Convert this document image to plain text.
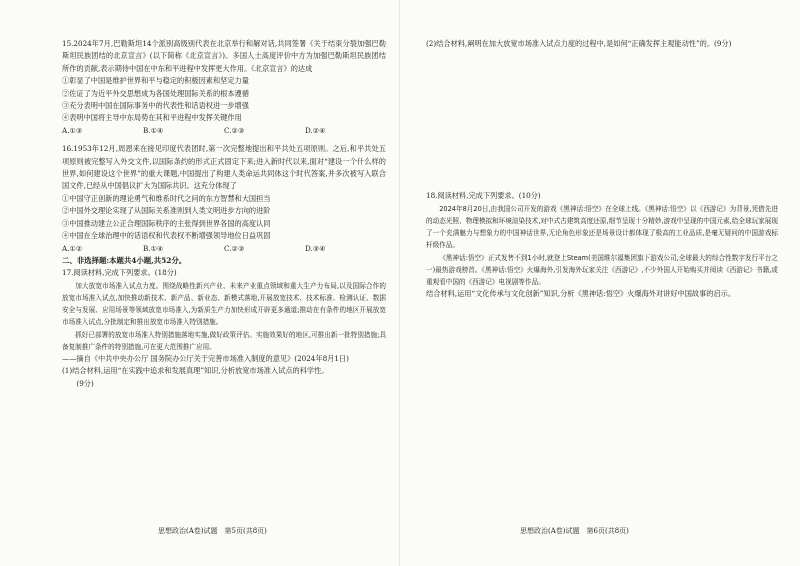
15.2024年7月,巴勒斯坦14个派别高级别代表在北京举行和解对话,共同签署《关于结束分裂加强巴勒斯坦民族团结的北京宣言》(以下简称《北京宣言》)。多国人士高度评价中方为加强巴勒斯坦民族团结所作的贡献,表示期待中国在中东和平进程中发挥更大作用。《北京宣言》的达成

①彰显了中国是维护世界和平与稳定的积极因素和坚定力量
②佐证了为近平外交思想成为各国处理国际关系的根本遵循
③充分表明中国在国际事务中的代表性和话语权进一步增强
④表明中国将主导中东局势在其和平进程中发挥关键作用
A.①③	B.①④	C.②③	D.②④

16.1953年12月,周恩来在接见印度代表团时,第一次完整地提出和平共处五项原则。之后,和平共处五项原则被完整写入外交文件,以国际条约的形式正式固定下来;进入新时代以来,面对“建设一个什么样的世界,如何建设这个世界”的重大课题,中国提出了构建人类命运共同体这个时代答案,并多次被写入联合国文件,已经从中国倡议扩大为国际共识。这充分体现了

①中国守正创新的理论勇气和维系时代之问的东方智慧和大国担当
②中国外交理论实现了从国际关系准则到人类文明进步方向的进阶
③中国推动建立公正合理国际秩序的主张得到世界各国的高度认同
④中国在全球治理中的话语权和代表权不断增强领导地位日益巩固
A.①②	B.①④	C.②③	D.③④
二、非选择题:本题共4小题,共52分。

17.阅读材料,完成下列要求。(18分)

加大放宽市场准入试点力度。围绕战略性新兴产业、未来产业重点领域和重大生产力布局,以及国际合作的放宽市场准入试点,加快推动新技术、新产品、新业态、新模式落地,开展放宽技术、技术标准、检测认证、数据安全与发展、应用场景等领域放宽市场准入,为新质生产力加快形成开辟更多通道;推动在有条件的地区开展放宽市场准入试点,分批制定和推出放宽市场准入特别措施。

抓好已部署的放宽市场准入特别措施落地实施,做好政策评估。实施效果好的地区,可推出新一批特别措施;具备复制推广条件的特别措施,可在更大范围推广应用。

——摘自《中共中央办公厅 国务院办公厅关于完善市场准入制度的意见》(2024年8月1日)

(1)结合材料,运用“在实践中追求和发展真理”知识,分析放宽市场准入试点的科学性。

(9分)

思想政治(A卷)试题　第5页(共8页)

(2)结合材料,阐明在加大放宽市场准入试点力度的过程中,是如何“正确发挥主观能动性”的。(9分)

18.阅读材料,完成下列要求。(10分)

2024年8月20日,由我国公司开发的游戏《黑神话:悟空》在全球上线。《黑神话:悟空》以《西游记》为背景,凭借先进的动态光照、物理模拟和环境渲染技术,对中式古建筑高度还原,细节呈现十分精妙,游戏中呈现的中国元素,给全球玩家展现了一个充满魅力与想象力的中国神话世界,无论角色形象还是场景设计都体现了极高的工业品质,是毫无疑问的中国游戏标杆级作品。

《黑神话:悟空》正式发售不到1小时,就登上Steam(美国维尔福集团旗下游戏公司,全球最大的综合性数字发行平台之一)最热游戏榜首。《黑神话:悟空》火爆海外,引发海外玩家关注《西游记》,不少外国人开始购买并阅读《西游记》书籍,或重观看中国的《西游记》电视剧等作品。

结合材料,运用“文化传承与文化创新”知识,分析《黑神话:悟空》火爆海外对讲好中国故事的启示。

思想政治(A卷)试题　第6页(共8页)
